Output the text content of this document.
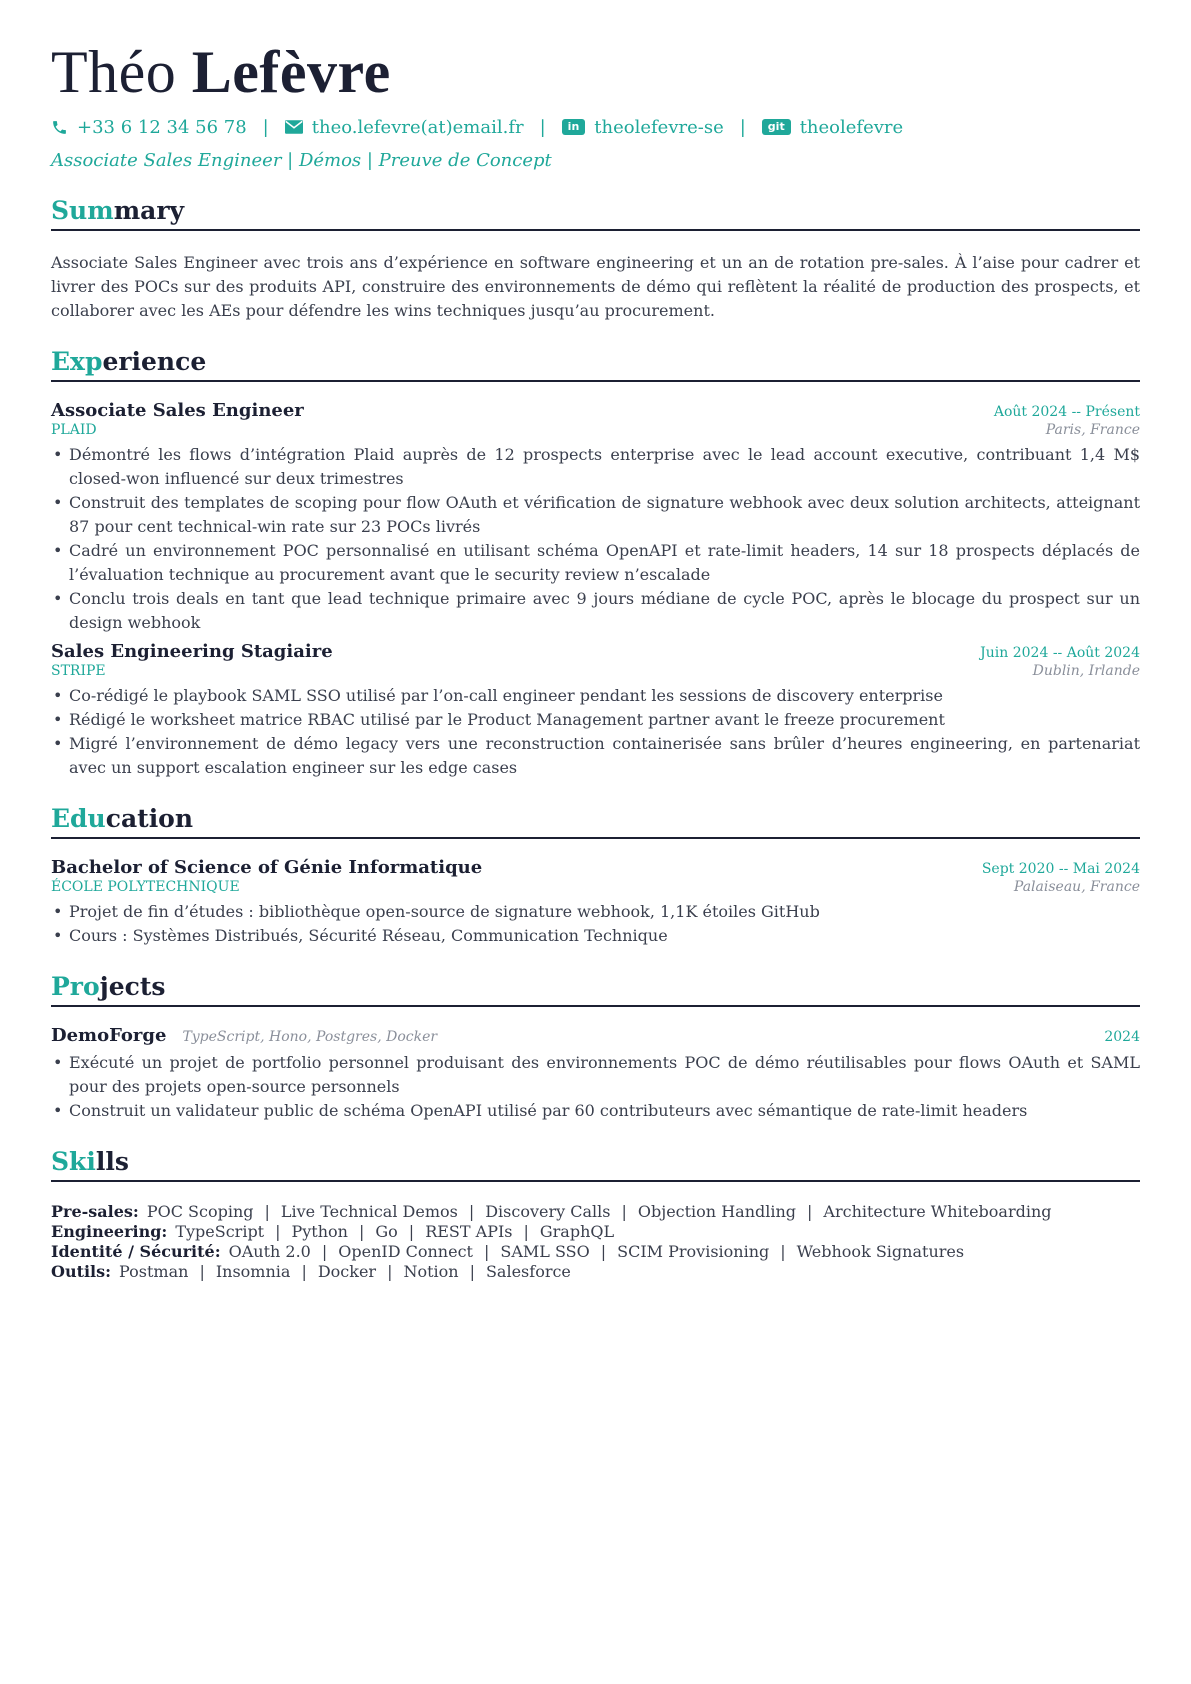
Théo Lefèvre
+33 6 12 34 56 78 | theo.lefevre(at)email.fr |	in theolefevre-se |	git theolefevre
Associate Sales Engineer | Démos | Preuve de Concept
Summary
Associate Sales Engineer avec trois ans d’expérience en software engineering et un an de rotation pre-sales. À l’aise pour cadrer et livrer des POCs sur des produits API, construire des environnements de démo qui reflètent la réalité de production des prospects, et collaborer avec les AEs pour défendre les wins techniques jusqu’au procurement.
Experience
Associate Sales Engineer	Août 2024 -- Présent
PLAID	Paris, France
• Démontré les flows d’intégration Plaid auprès de 12 prospects enterprise avec le lead account executive, contribuant 1,4 M$ closed-won influencé sur deux trimestres
• Construit des templates de scoping pour flow OAuth et vérification de signature webhook avec deux solution architects, atteignant 87 pour cent technical-win rate sur 23 POCs livrés
• Cadré un environnement POC personnalisé en utilisant schéma OpenAPI et rate-limit headers, 14 sur 18 prospects déplacés de l’évaluation technique au procurement avant que le security review n’escalade
• Conclu trois deals en tant que lead technique primaire avec 9 jours médiane de cycle POC, après le blocage du prospect sur un design webhook
Sales Engineering Stagiaire	Juin 2024 -- Août 2024
STRIPE	Dublin, Irlande
• Co-rédigé le playbook SAML SSO utilisé par l’on-call engineer pendant les sessions de discovery enterprise
• Rédigé le worksheet matrice RBAC utilisé par le Product Management partner avant le freeze procurement
• Migré l’environnement de démo legacy vers une reconstruction containerisée sans brûler d’heures engineering, en partenariat avec un support escalation engineer sur les edge cases
Education
Bachelor of Science of Génie Informatique	Sept 2020 -- Mai 2024
ÉCOLE POLYTECHNIQUE	Palaiseau, France
• Projet de fin d’études : bibliothèque open-source de signature webhook, 1,1K étoiles GitHub
• Cours : Systèmes Distribués, Sécurité Réseau, Communication Technique
Projects
DemoForge TypeScript, Hono, Postgres, Docker	2024
• Exécuté un projet de portfolio personnel produisant des environnements POC de démo réutilisables pour flows OAuth et SAML pour des projets open-source personnels
• Construit un validateur public de schéma OpenAPI utilisé par 60 contributeurs avec sémantique de rate-limit headers
Skills
Pre-sales: POC Scoping | Live Technical Demos | Discovery Calls | Objection Handling | Architecture Whiteboarding
Engineering: TypeScript | Python | Go | REST APIs | GraphQL
Identité / Sécurité: OAuth 2.0 | OpenID Connect | SAML SSO | SCIM Provisioning | Webhook Signatures
Outils: Postman | Insomnia | Docker | Notion | Salesforce
